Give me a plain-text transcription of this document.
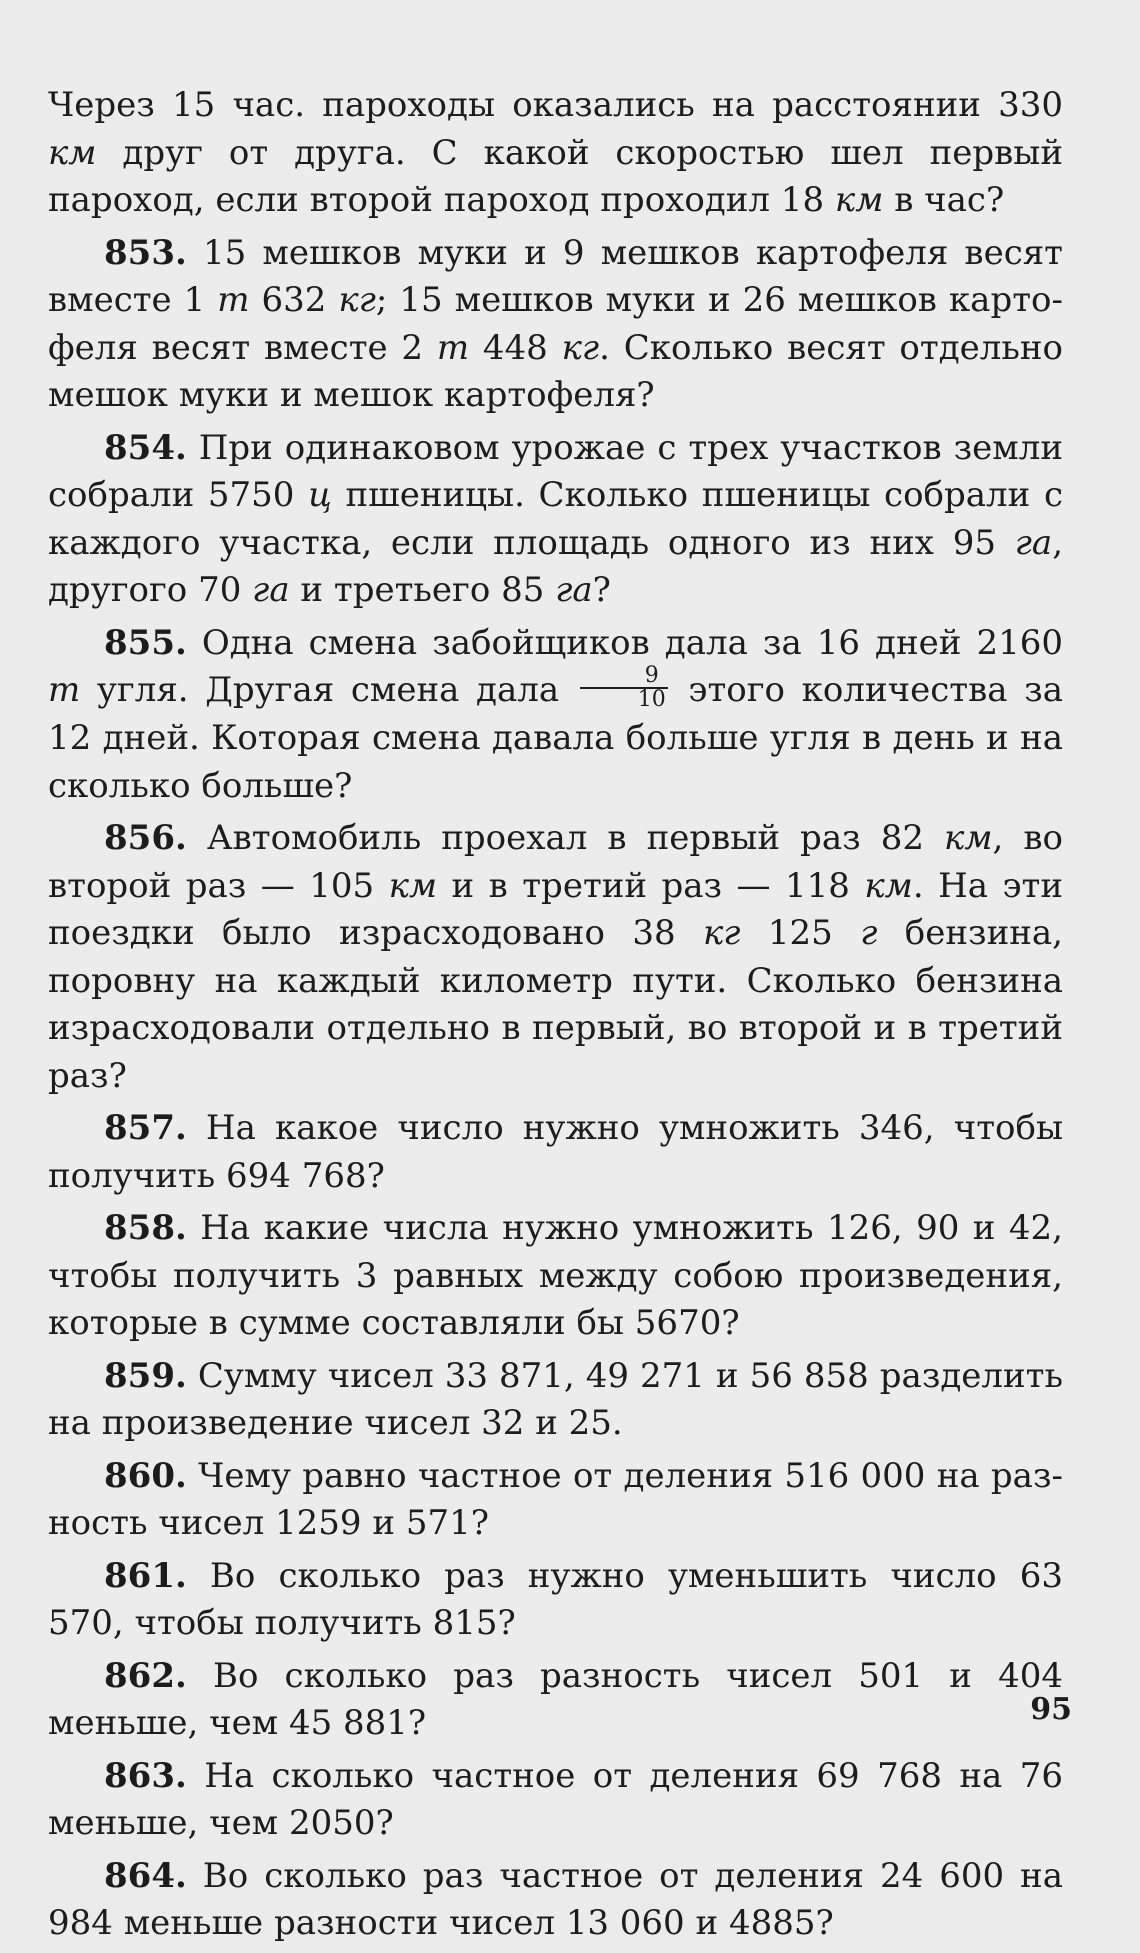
Через 15 час. пароходы оказались на расстоянии 330 км друг от друга. С какой скоростью шел первый пароход, если второй пароход проходил 18 км в час?

853. 15 мешков муки и 9 мешков картофеля весят вместе 1 т 632 кг; 15 мешков муки и 26 мешков картофеля весят вместе 2 т 448 кг. Сколько весят отдельно мешок муки и мешок картофеля?

854. При одинаковом урожае с трех участков земли собрали 5750 ц пшеницы. Сколько пшеницы собрали с каждого участка, если площадь одного из них 95 га, другого 70 га и третьего 85 га?

855. Одна смена забойщиков дала за 16 дней 2160 т угля. Другая смена дала $\frac{9}{10}$ этого количества за 12 дней. Которая смена давала больше угля в день и на сколько больше?

856. Автомобиль проехал в первый раз 82 км, во второй раз — 105 км и в третий раз — 118 км. На эти поездки было израсходовано 38 кг 125 г бензина, поровну на каждый километр пути. Сколько бензина израсходовали отдельно в первый, во второй и в третий раз?

857. На какое число нужно умножить 346, чтобы получить 694 768?

858. На какие числа нужно умножить 126, 90 и 42, чтобы получить 3 равных между собою произведения, которые в сумме составляли бы 5670?

859. Сумму чисел 33 871, 49 271 и 56 858 разделить на произведение чисел 32 и 25.

860. Чему равно частное от деления 516 000 на разность чисел 1259 и 571?

861. Во сколько раз нужно уменьшить число 63 570, чтобы получить 815?

862. Во сколько раз разность чисел 501 и 404 меньше, чем 45 881?

863. На сколько частное от деления 69 768 на 76 меньше, чем 2050?

864. Во сколько раз частное от деления 24 600 на 984 меньше разности чисел 13 060 и 4885?

95
